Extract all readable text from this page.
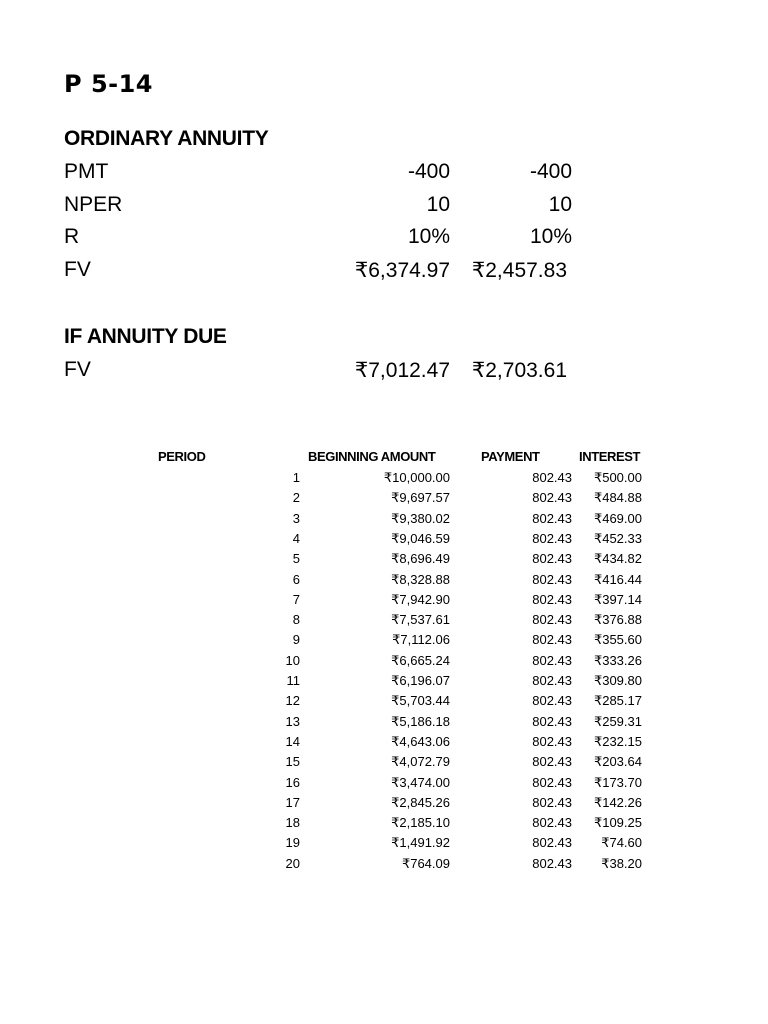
P 5-14
ORDINARY ANNUITY
PMT	-400	-400
NPER	10	10
R	10%	10%
FV	₹6,374.97 ₹2,457.83
IF ANNUITY DUE
FV	₹7,012.47 ₹2,703.61
PERIOD	BEGINNING AMOUNT	PAYMENT	INTEREST
1	₹10,000.00	802.43 ₹500.00
2	₹9,697.57	802.43 ₹484.88
3	₹9,380.02	802.43 ₹469.00
4	₹9,046.59	802.43 ₹452.33
5	₹8,696.49	802.43 ₹434.82
6	₹8,328.88	802.43 ₹416.44
7	₹7,942.90	802.43 ₹397.14
8	₹7,537.61	802.43 ₹376.88
9	₹7,112.06	802.43 ₹355.60
10	₹6,665.24	802.43 ₹333.26
11	₹6,196.07	802.43 ₹309.80
12	₹5,703.44	802.43 ₹285.17
13	₹5,186.18	802.43 ₹259.31
14	₹4,643.06	802.43 ₹232.15
15	₹4,072.79	802.43 ₹203.64
16	₹3,474.00	802.43 ₹173.70
17	₹2,845.26	802.43 ₹142.26
18	₹2,185.10	802.43 ₹109.25
19	₹1,491.92	802.43 ₹74.60
20	₹764.09	802.43 ₹38.20
